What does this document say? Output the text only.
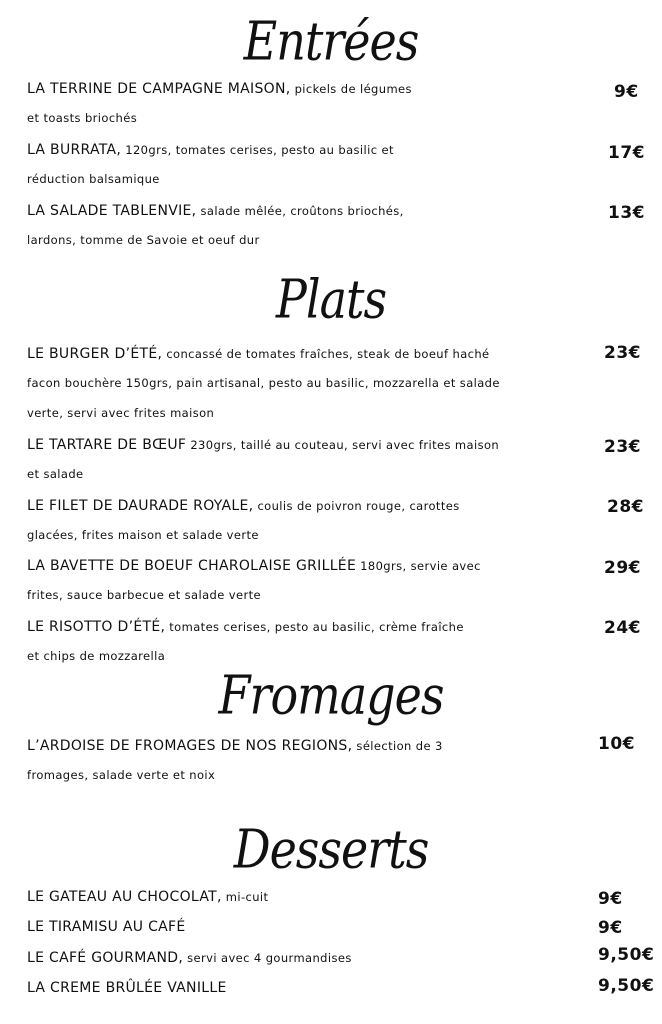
Entrées
LA TERRINE DE CAMPAGNE MAISON, pickels de légumes
et toasts briochés
9€
LA BURRATA, 120grs, tomates cerises, pesto au basilic et
réduction balsamique
17€
LA SALADE TABLENVIE, salade mêlée, croûtons briochés,
lardons, tomme de Savoie et oeuf dur
13€
Plats
LE BURGER D’ÉTÉ, concassé de tomates fraîches, steak de boeuf haché
facon bouchère 150grs, pain artisanal, pesto au basilic, mozzarella et salade
verte, servi avec frites maison
23€
LE TARTARE DE BŒUF 230grs, taillé au couteau, servi avec frites maison
et salade
23€
LE FILET DE DAURADE ROYALE, coulis de poivron rouge, carottes
glacées, frites maison et salade verte
28€
LA BAVETTE DE BOEUF CHAROLAISE GRILLÉE 180grs, servie avec
frites, sauce barbecue et salade verte
29€
LE RISOTTO D’ÉTÉ, tomates cerises, pesto au basilic, crème fraîche
et chips de mozzarella
24€
Fromages
L’ARDOISE DE FROMAGES DE NOS REGIONS, sélection de 3
fromages, salade verte et noix
10€
Desserts
LE GATEAU AU CHOCOLAT, mi-cuit	9€
LE TIRAMISU AU CAFÉ	9€
LE CAFÉ GOURMAND, servi avec 4 gourmandises	9,50€
LA CREME BRÛLÉE VANILLE	9,50€
